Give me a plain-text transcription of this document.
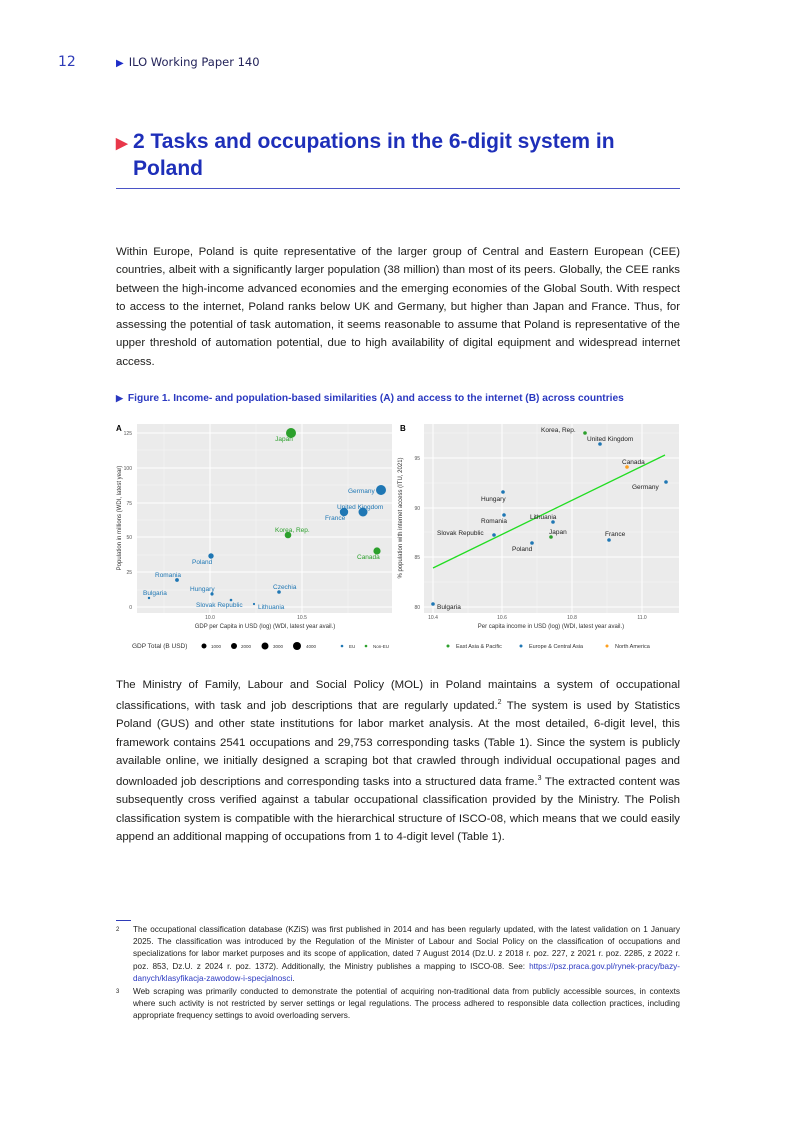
12	▶ ILO Working Paper 140
▶ 2 Tasks and occupations in the 6-digit system in Poland
Within Europe, Poland is quite representative of the larger group of Central and Eastern European (CEE) countries, albeit with a significantly larger population (38 million) than most of its peers. Globally, the CEE ranks between the high-income advanced economies and the emerging economies of the Global South. With respect to access to the internet, Poland ranks below UK and Germany, but higher than Japan and France. Thus, for assessing the potential of task automation, it seems reasonable to assume that Poland is representative of the upper threshold of automation potential, due to high availability of digital equipment and widespread internet access.
▶ Figure 1. Income- and population-based similarities (A) and access to the internet (B) across countries
A
0
25
50
75
100
125
10.0	10.5
GDP per Capita in USD (log) (WDI, latest year avail.)
Population in millions (WDI, latest year)
Japan
Germany
United Kingdom
France
Korea, Rep.
Canada
Poland
Romania
Hungary	Czechia
Slovak Republic Lithuania
Bulgaria
B
80
85
90
95
10.4	10.6	10.8	11.0
Per capita income in USD (log) (WDI, latest year avail.)
% population with internet access (ITU, 2021)
Korea, Rep.
United Kingdom
Canada
Germany
Hungary
Romania
Lithuania
Slovak Republic	Japan	France
Poland
Bulgaria
GDP Total (B USD)	1000	2000	3000	4000	EU	Non-EU	East Asia & Pacific	Europe & Central Asia	North America
The Ministry of Family, Labour and Social Policy (MOL) in Poland maintains a system of occupational classifications, with task and job descriptions that are regularly updated.$^2$ The system is used by Statistics Poland (GUS) and other state institutions for labor market analysis. At the most detailed, 6-digit level, this framework contains 2541 occupations and 29,753 corresponding tasks (Table 1). Since the system is publicly available online, we initially designed a scraping bot that crawled through individual occupational pages and downloaded job descriptions and corresponding tasks into a structured data frame.$^3$ The extracted content was subsequently cross verified against a tabular occupational classification provided by the Ministry. The Polish classification system is compatible with the hierarchical structure of ISCO-08, which means that we could easily append an additional mapping of occupations from 1 to 4-digit level (Table 1).
2	The occupational classification database (KZiS) was first published in 2014 and has been regularly updated, with the latest validation on 1 January 2025. The classification was introduced by the Regulation of the Minister of Labour and Social Policy on the classification of occupations and specializations for labor market purposes and its scope of application, dated 7 August 2014 (Dz.U. z 2018 r. poz. 227, z 2021 r. poz. 2285, z 2022 r. poz. 853, Dz.U. z 2024 r. poz. 1372). Additionally, the Ministry publishes a mapping to ISCO-08. See: https://psz.praca.gov.pl/rynek-pracy/bazy-danych/klasyfikacja-zawodow-i-specjalnosci.
3	Web scraping was primarily conducted to demonstrate the potential of acquiring non-traditional data from publicly accessible sources, in contexts where such activity is not restricted by server settings or legal regulations. The process adhered to responsible data collection practices, including appropriate frequency settings to avoid overloading servers.
